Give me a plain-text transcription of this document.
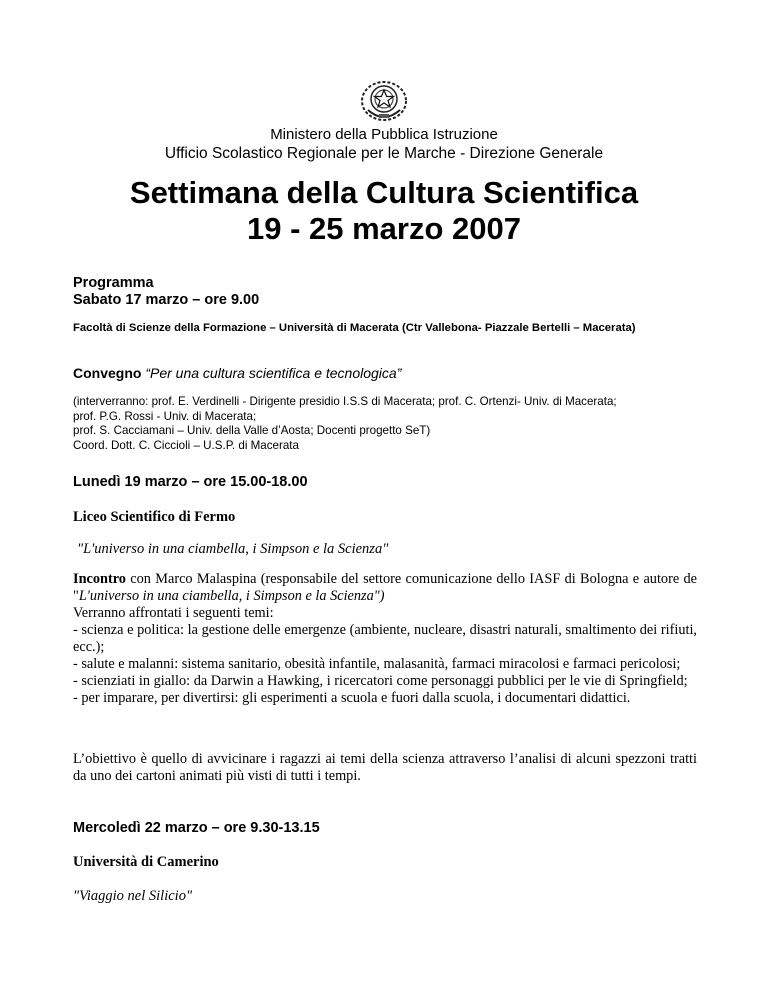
Ministero della Pubblica Istruzione
Ufficio Scolastico Regionale per le Marche - Direzione Generale
Settimana della Cultura Scientifica
19 - 25 marzo 2007
Programma
Sabato 17 marzo – ore 9.00
Facoltà di Scienze della Formazione – Università di Macerata (Ctr Vallebona- Piazzale Bertelli – Macerata)
Convegno “Per una cultura scientifica e tecnologica”
(interverranno: prof. E. Verdinelli - Dirigente presidio I.S.S di Macerata; prof. C. Ortenzi- Univ. di Macerata;
prof. P.G. Rossi - Univ. di Macerata;
prof. S. Cacciamani – Univ. della Valle d’Aosta; Docenti progetto SeT)
Coord. Dott. C. Ciccioli – U.S.P. di Macerata
Lunedì 19 marzo – ore 15.00-18.00
Liceo Scientifico di Fermo
"L'universo in una ciambella, i Simpson e la Scienza"
Incontro con Marco Malaspina (responsabile del settore comunicazione dello IASF di Bologna e autore de "L'universo in una ciambella, i Simpson e la Scienza")
Verranno affrontati i seguenti temi:
- scienza e politica: la gestione delle emergenze (ambiente, nucleare, disastri naturali, smaltimento dei rifiuti, ecc.);
- salute e malanni: sistema sanitario, obesità infantile, malasanità, farmaci miracolosi e farmaci pericolosi;
- scienziati in giallo: da Darwin a Hawking, i ricercatori come personaggi pubblici per le vie di Springfield;
- per imparare, per divertirsi: gli esperimenti a scuola e fuori dalla scuola, i documentari didattici.
L’obiettivo è quello di avvicinare i ragazzi ai temi della scienza attraverso l’analisi di alcuni spezzoni tratti da uno dei cartoni animati più visti di tutti i tempi.
Mercoledì 22 marzo – ore 9.30-13.15
Università di Camerino
"Viaggio nel Silicio"
